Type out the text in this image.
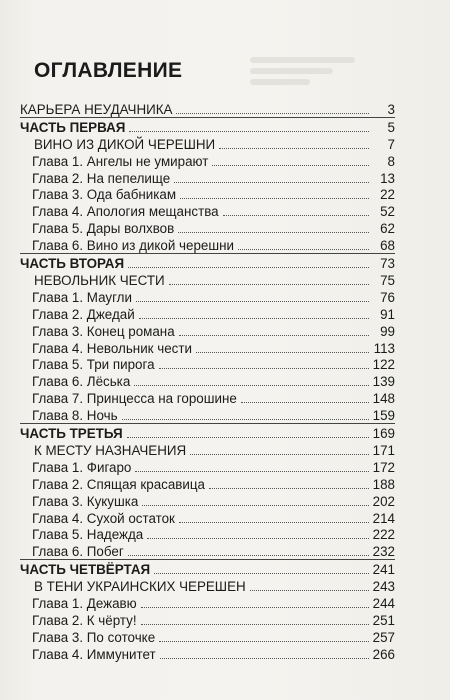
ОГЛАВЛЕНИЕ
КАРЬЕРА НЕУДАЧНИКА	3
ЧАСТЬ ПЕРВАЯ	5
ВИНО ИЗ ДИКОЙ ЧЕРЕШНИ	7
Глава 1. Ангелы не умирают	8
Глава 2. На пепелище	13
Глава 3. Ода бабникам	22
Глава 4. Апология мещанства	52
Глава 5. Дары волхвов	62
Глава 6. Вино из дикой черешни	68
ЧАСТЬ ВТОРАЯ	73
НЕВОЛЬНИК ЧЕСТИ	75
Глава 1. Маугли	76
Глава 2. Джедай	91
Глава 3. Конец романа	99
Глава 4. Невольник чести	113
Глава 5. Три пирога	122
Глава 6. Лёська	139
Глава 7. Принцесса на горошине	148
Глава 8. Ночь	159
ЧАСТЬ ТРЕТЬЯ	169
К МЕСТУ НАЗНАЧЕНИЯ	171
Глава 1. Фигаро	172
Глава 2. Спящая красавица	188
Глава 3. Кукушка	202
Глава 4. Сухой остаток	214
Глава 5. Надежда	222
Глава 6. Побег	232
ЧАСТЬ ЧЕТВЁРТАЯ	241
В ТЕНИ УКРАИНСКИХ ЧЕРЕШЕН	243
Глава 1. Дежавю	244
Глава 2. К чёрту!	251
Глава 3. По соточке	257
Глава 4. Иммунитет	266
